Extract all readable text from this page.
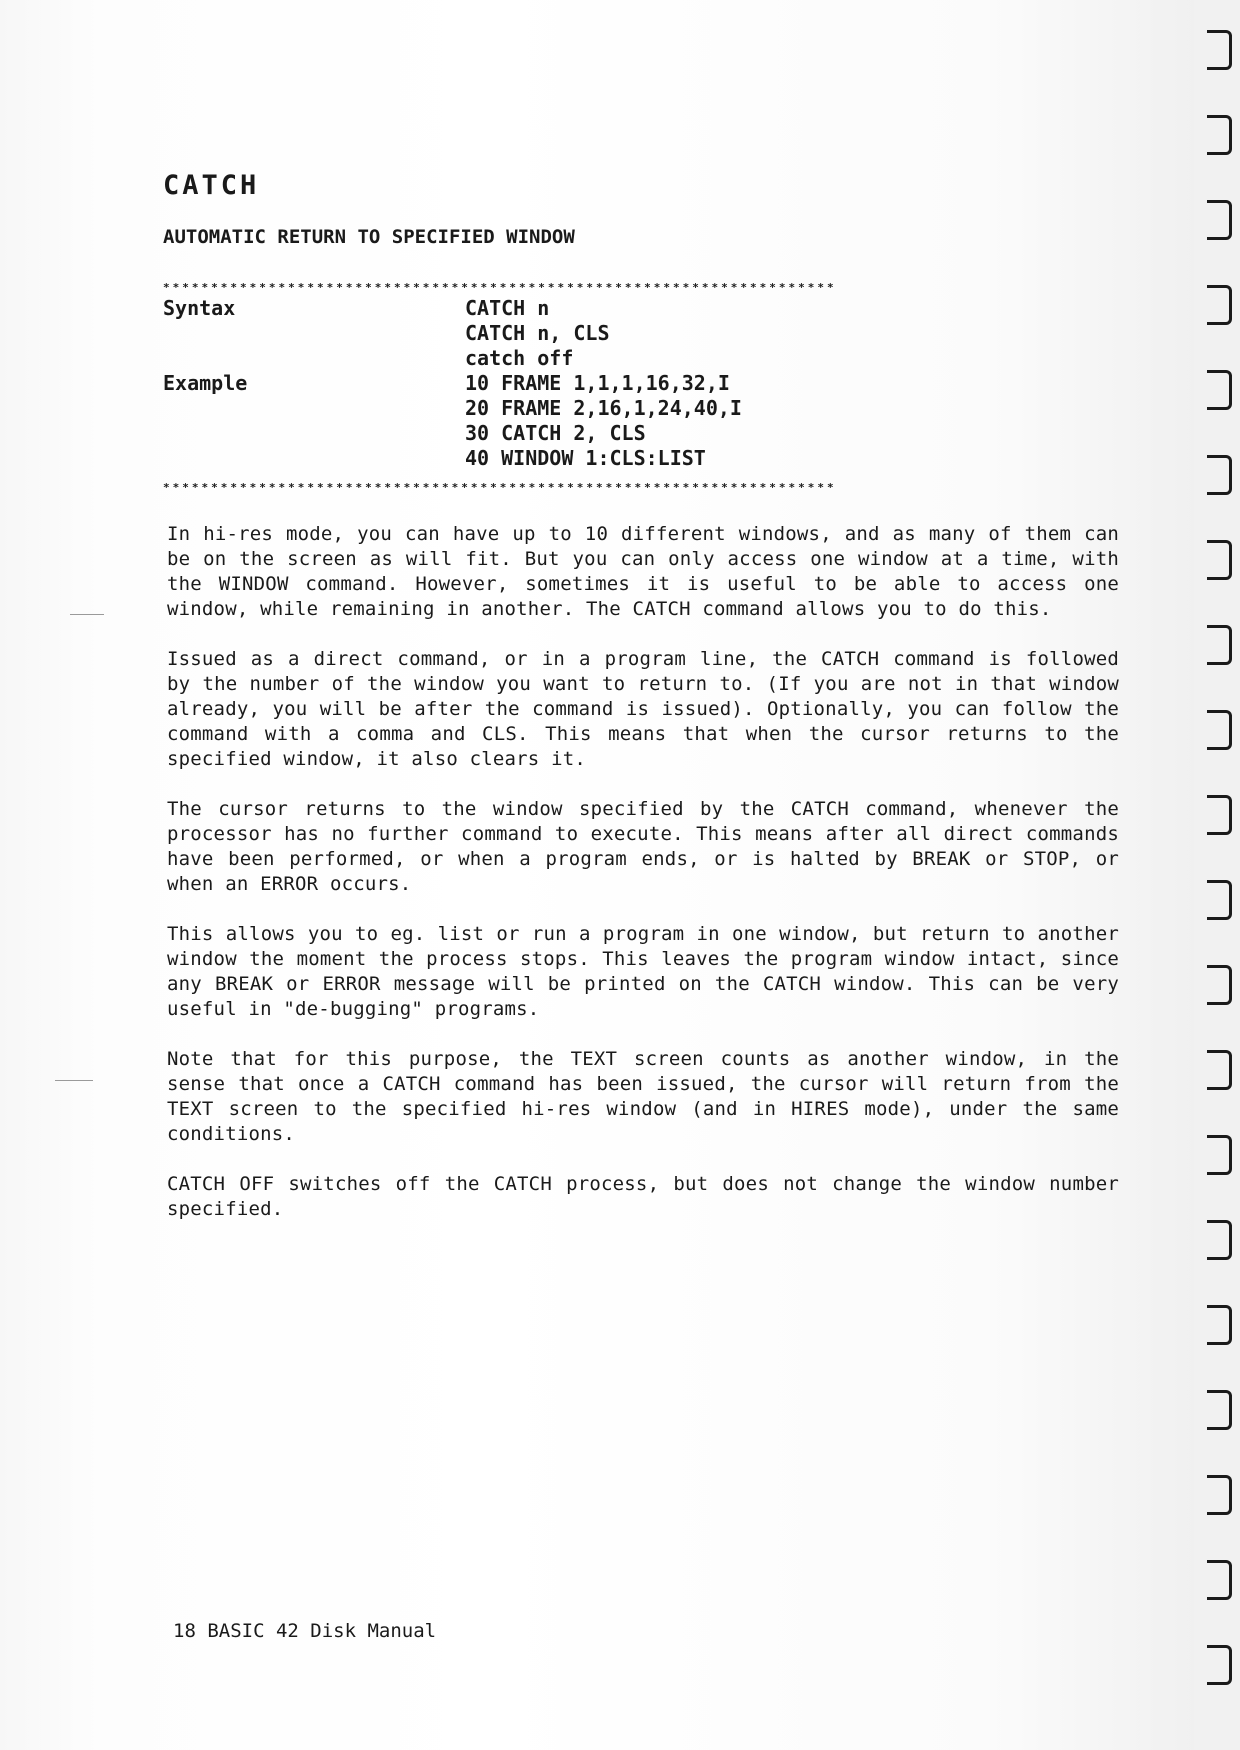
CATCH
AUTOMATIC RETURN TO SPECIFIED WINDOW
**********************************************************************
Syntax	CATCH n
CATCH n, CLS
catch off
Example	10 FRAME 1,1,1,16,32,I
20 FRAME 2,16,1,24,40,I
30 CATCH 2, CLS
40 WINDOW 1:CLS:LIST
**********************************************************************

In hi-res mode, you can have up to 10 different windows, and as many of them can be on the screen as will fit. But you can only access one window at a time, with the WINDOW command. However, sometimes it is useful to be able to access one window, while remaining in another. The CATCH command allows you to do this.

Issued as a direct command, or in a program line, the CATCH command is followed by the number of the window you want to return to. (If you are not in that window already, you will be after the command is issued). Optionally, you can follow the command with a comma and CLS. This means that when the cursor returns to the specified window, it also clears it.

The cursor returns to the window specified by the CATCH command, whenever the processor has no further command to execute. This means after all direct commands have been performed, or when a program ends, or is halted by BREAK or STOP, or when an ERROR occurs.

This allows you to eg. list or run a program in one window, but return to another window the moment the process stops. This leaves the program window intact, since any BREAK or ERROR message will be printed on the CATCH window. This can be very useful in "de-bugging" programs.

Note that for this purpose, the TEXT screen counts as another window, in the sense that once a CATCH command has been issued, the cursor will return from the TEXT screen to the specified hi-res window (and in HIRES mode), under the same conditions.

CATCH OFF switches off the CATCH process, but does not change the window number specified.

18 BASIC 42 Disk Manual
